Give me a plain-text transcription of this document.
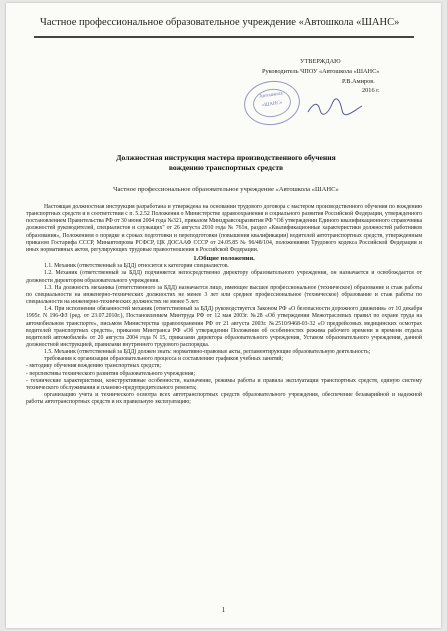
Частное профессиональное образовательное учреждение «Автошкола «ШАНС»
УТВЕРЖДАЮ
Руководитель ЧПОУ «Автошкола «ШАНС»
Р.В.Амиров.
2016 г.
Автошкола
«ШАНС»
Должностная инструкция мастера производственного обучения
вождению транспортных средств
Частное профессиональное образовательное учреждение «Автошкола «ШАНС»

Настоящая должностная инструкция разработана и утверждена на основании трудового договора с мастером производственного обучения по вождению транспортных средств и в соответствии с п. 5.2.52 Положения о Министерстве здравоохранения и социального развития Российской Федерации, утвержденного постановлением Правительства РФ от 30 июня 2004 года №321, приказом Минздравсоцразвития РФ "Об утверждении Единого квалификационного справочника должностей руководителей, специалистов и служащих" от 26 августа 2010 года № 761н, раздел «Квалификационные характеристики должностей работников образования», Положением о порядке и сроках подготовки и переподготовки (повышения квалификации) водителей автотранспортных средств, утвержденным приказом Гостарифа СССР, Минавтопрома РСФСР, ЦК ДОСААФ СССР от 24.05.85 № 96/48/104, положениями Трудового кодекса Российской Федерации и иных нормативных актов, регулирующих трудовые правоотношения в Российской Федерации.

1.Общие положения.

1.1. Механик (ответственный за БДД) относится к категории специалистов.

1.2. Механик (ответственный за БДД) подчиняется непосредственно директору образовательного учреждения, он назначается и освобождается от должности директором образовательного учреждения.

1.3. На должность механика (ответственного за БДД) назначается лицо, имеющее высшее профессиональное (техническое) образование и стаж работы по специальности на инженерно-технических должностях не менее 3 лет или среднее профессиональное (техническое) образование и стаж работы по специальности на инженерно-технических должностях не менее 5 лет.

1.4. При исполнении обязанностей механик (ответственный за БДД) руководствуется Законом РФ «О безопасности дорожного движения» от 10 декабря 1995г. N 196-ФЗ (ред. от 23.07.2010г.), Постановлением Минтруда РФ от 12 мая 2003г. №28 «Об утверждении Межотраслевых правил по охране труда на автомобильном транспорте», письмом Министерства здравоохранения РФ от 21 августа 2003г. №2510/9468-03-32 «О предрейсовых медицинских осмотрах водителей транспортных средств», приказом Минтранса РФ «Об утверждении Положения об особенностях режима рабочего времени и времени отдыха водителей автомобилей» от 20 августа 2004 года N 15, приказами директора образовательного учреждения, Уставом образовательного учреждения, данной должностной инструкцией, правилами внутреннего трудового распорядка.

1.5. Механик (ответственный за БДД) должен знать: нормативно-правовые акты, регламентирующие образовательную деятельность;

требования к организации образовательного процесса и составлению графиков учебных занятий;

- методику обучения вождению транспортных средств;

- перспективы технического развития образовательного учреждения;

- технические характеристики, конструктивные особенности, назначение, режимы работы и правила эксплуатации транспортных средств, единую систему технического обслуживания и планово-предупредительного ремонта;

организацию учета и технического осмотра всех автотранспортных средств образовательного учреждения, обеспечение безаварийной и надежной работы автотранспортных средств и их правильную эксплуатацию;

1
